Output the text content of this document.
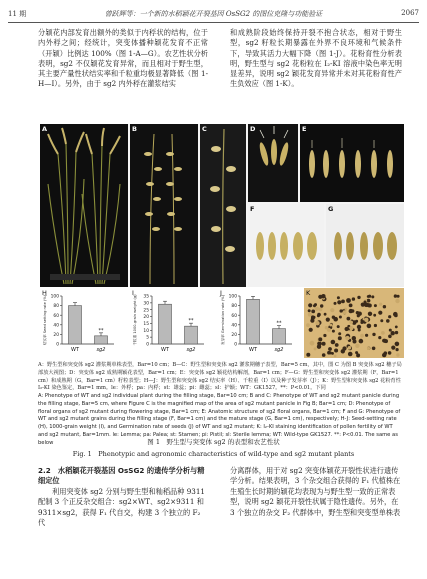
11 期	曾跃辉等：一个新的水稻颖花开裂基因 OsSG2 的图位克隆与功能验证	2067
分颖花内部发育出额外的类似于内稃状的结构，位于内外稃之间；经统计，突变体播种颖花发育不正常（开颖）比例达 100%（图 1-A—G）。农艺性状分析表明，sg2 不仅颖花发育异常，而且相对于野生型，其主要产量性状结实率和千粒重均极显著降低（图 1-H—I）。另外，由于 sg2 内外稃在灌浆结实
和成熟阶段始终保持开裂不抱合状态，相对于野生型，sg2 籽粒长期暴露在外界不良环境和气候条件下，导致其活力大幅下降（图 1-J）。花粉育性分析表明，野生型与 sg2 花粉粒在 I₂-KI 溶液中染色率无明显差异，说明 sg2 颖花发育异常并未对其花粉育性产生负效应（图 1-K）。
A	B	C	D	E
F	G
0
20
40
60
80
100
结实率 Seed setting rate (%)
WT
**
sg2
H
0
5
10
15
20
25
30
35
千粒重 1000-grain weight (g)
WT
**
sg2
I
0
20
40
60
80
100
发芽率 Germination rate (%)
WT
**
sg2
J	K
A：野生型和突变体 sg2 灌浆期单株表型，Bar=10 cm；B—C：野生型和突变体 sg2 灌浆期穗子表型，Bar=5 cm，其中，图 C 为图 B 突变体 sg2 穗子局部放大视图；D：突变体 sg2 成熟期颖花表型，Bar=1 cm；E：突变体 sg2 颖花结构解剖，Bar=1 cm；F—G：野生型和突变体 sg2 灌浆期（F，Bar=1 cm）和成熟期（G，Bar=1 cm）籽粒表型；H—J：野生型和突变体 sg2 结实率（H）、千粒重（I）以及种子发芽率（J）；K：野生型和突变体 sg2 花粉育性 I₂-KI 染色鉴定，Bar=1 mm。le：外稃；pa：内稃；st：雄蕊；pi：雌蕊；sl：护颖；WT：GK1527。**：P<0.01。下同
A: Phenotype of WT and sg2 individual plant during the filling stage, Bar=10 cm; B and C: Phenotype of WT and sg2 mutant panicle during the filling stage, Bar=5 cm, where Figure C is the magnified map of the area of sg2 mutant panicle in Fig B; Bar=1 cm; D: Phenotype of floral organs of sg2 mutant during flowering stage, Bar=1 cm; E: Anatomic structure of sg2 floral organs, Bar=1 cm; F and G: Phenotype of WT and sg2 mutant grains during the filling stage (F, Bar=1 cm) and the mature stage (G, Bar=1 cm), respectively; H-J: Seed-setting rate (H), 1000-grain weight (I), and Germination rate of seeds (J) of WT and sg2 mutant; K: I₂-KI staining identification of pollen fertility of WT and sg2 mutant, Bar=1mm. le: Lemma; pa: Palea; st: Stamen; pi: Pistil; sl: Sterile lemma; WT: Wild-type GK1527. **: P<0.01. The same as below	图 1　野生型与突变体 sg2 的表型和农艺性状
Fig. 1　Phenotypic and agronomic characteristics of wild-type and sg2 mutant plants
2.2　水稻颖花开裂基因 OsSG2 的遗传学分析与精细定位
利用突变体 sg2 分别与野生型和籼稻品种 9311 配制 3 个正反杂交组合：sg2×WT、sg2×9311 和 9311×sg2，获得 F₁ 代自交，构建 3 个独立的 F₂ 代
分离群体，用于对 sg2 突变体颖花开裂性状进行遗传学分析。结果表明，3 个杂交组合获得的 F₁ 代植株在生殖生长时期的颖花均表现为与野生型一致的正常表型，说明 sg2 颖花开裂性状属于隐性遗传。另外，在 3 个独立的杂交 F₂ 代群体中，野生型和突变型单株表
